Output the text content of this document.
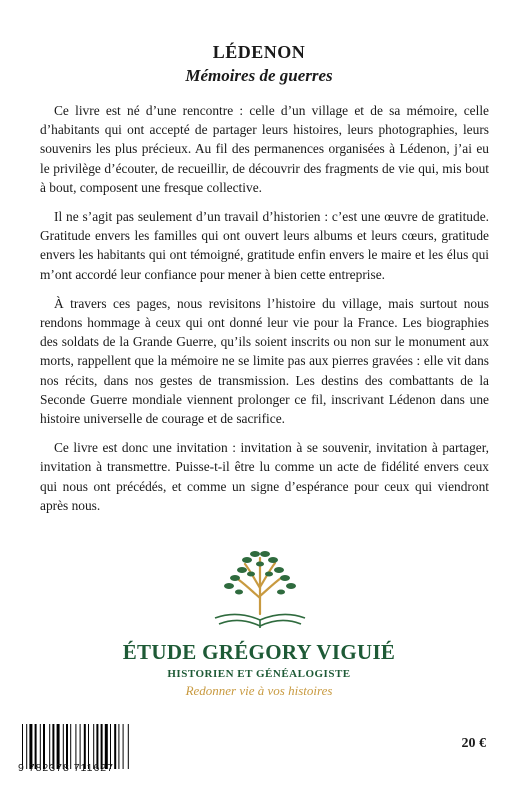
LÉDENON
Mémoires de guerres

Ce livre est né d’une rencontre : celle d’un village et de sa mémoire, celle d’habitants qui ont accepté de partager leurs histoires, leurs photographies, leurs souvenirs les plus précieux. Au fil des permanences organisées à Lédenon, j’ai eu le privilège d’écouter, de recueillir, de découvrir des fragments de vie qui, mis bout à bout, composent une fresque collective.

Il ne s’agit pas seulement d’un travail d’historien : c’est une œuvre de gratitude. Gratitude envers les familles qui ont ouvert leurs albums et leurs cœurs, gratitude envers les habitants qui ont témoigné, gratitude enfin envers le maire et les élus qui m’ont accordé leur confiance pour mener à bien cette entreprise.

À travers ces pages, nous revisitons l’histoire du village, mais surtout nous rendons hommage à ceux qui ont donné leur vie pour la France. Les biographies des soldats de la Grande Guerre, qu’ils soient inscrits ou non sur le monument aux morts, rappellent que la mémoire ne se limite pas aux pierres gravées : elle vit dans nos récits, dans nos gestes de transmission. Les destins des combattants de la Seconde Guerre mondiale viennent prolonger ce fil, inscrivant Lédenon dans une histoire universelle de courage et de sacrifice.

Ce livre est donc une invitation : invitation à se souvenir, invitation à partager, invitation à transmettre. Puisse-t-il être lu comme un acte de fidélité envers ceux qui nous ont précédés, et comme un signe d’espérance pour ceux qui viendront après nous.

ÉTUDE GRÉGORY VIGUIÉ
HISTORIEN ET GÉNÉALOGISTE
Redonner vie à vos histoires
9 782378 711627
20 €
